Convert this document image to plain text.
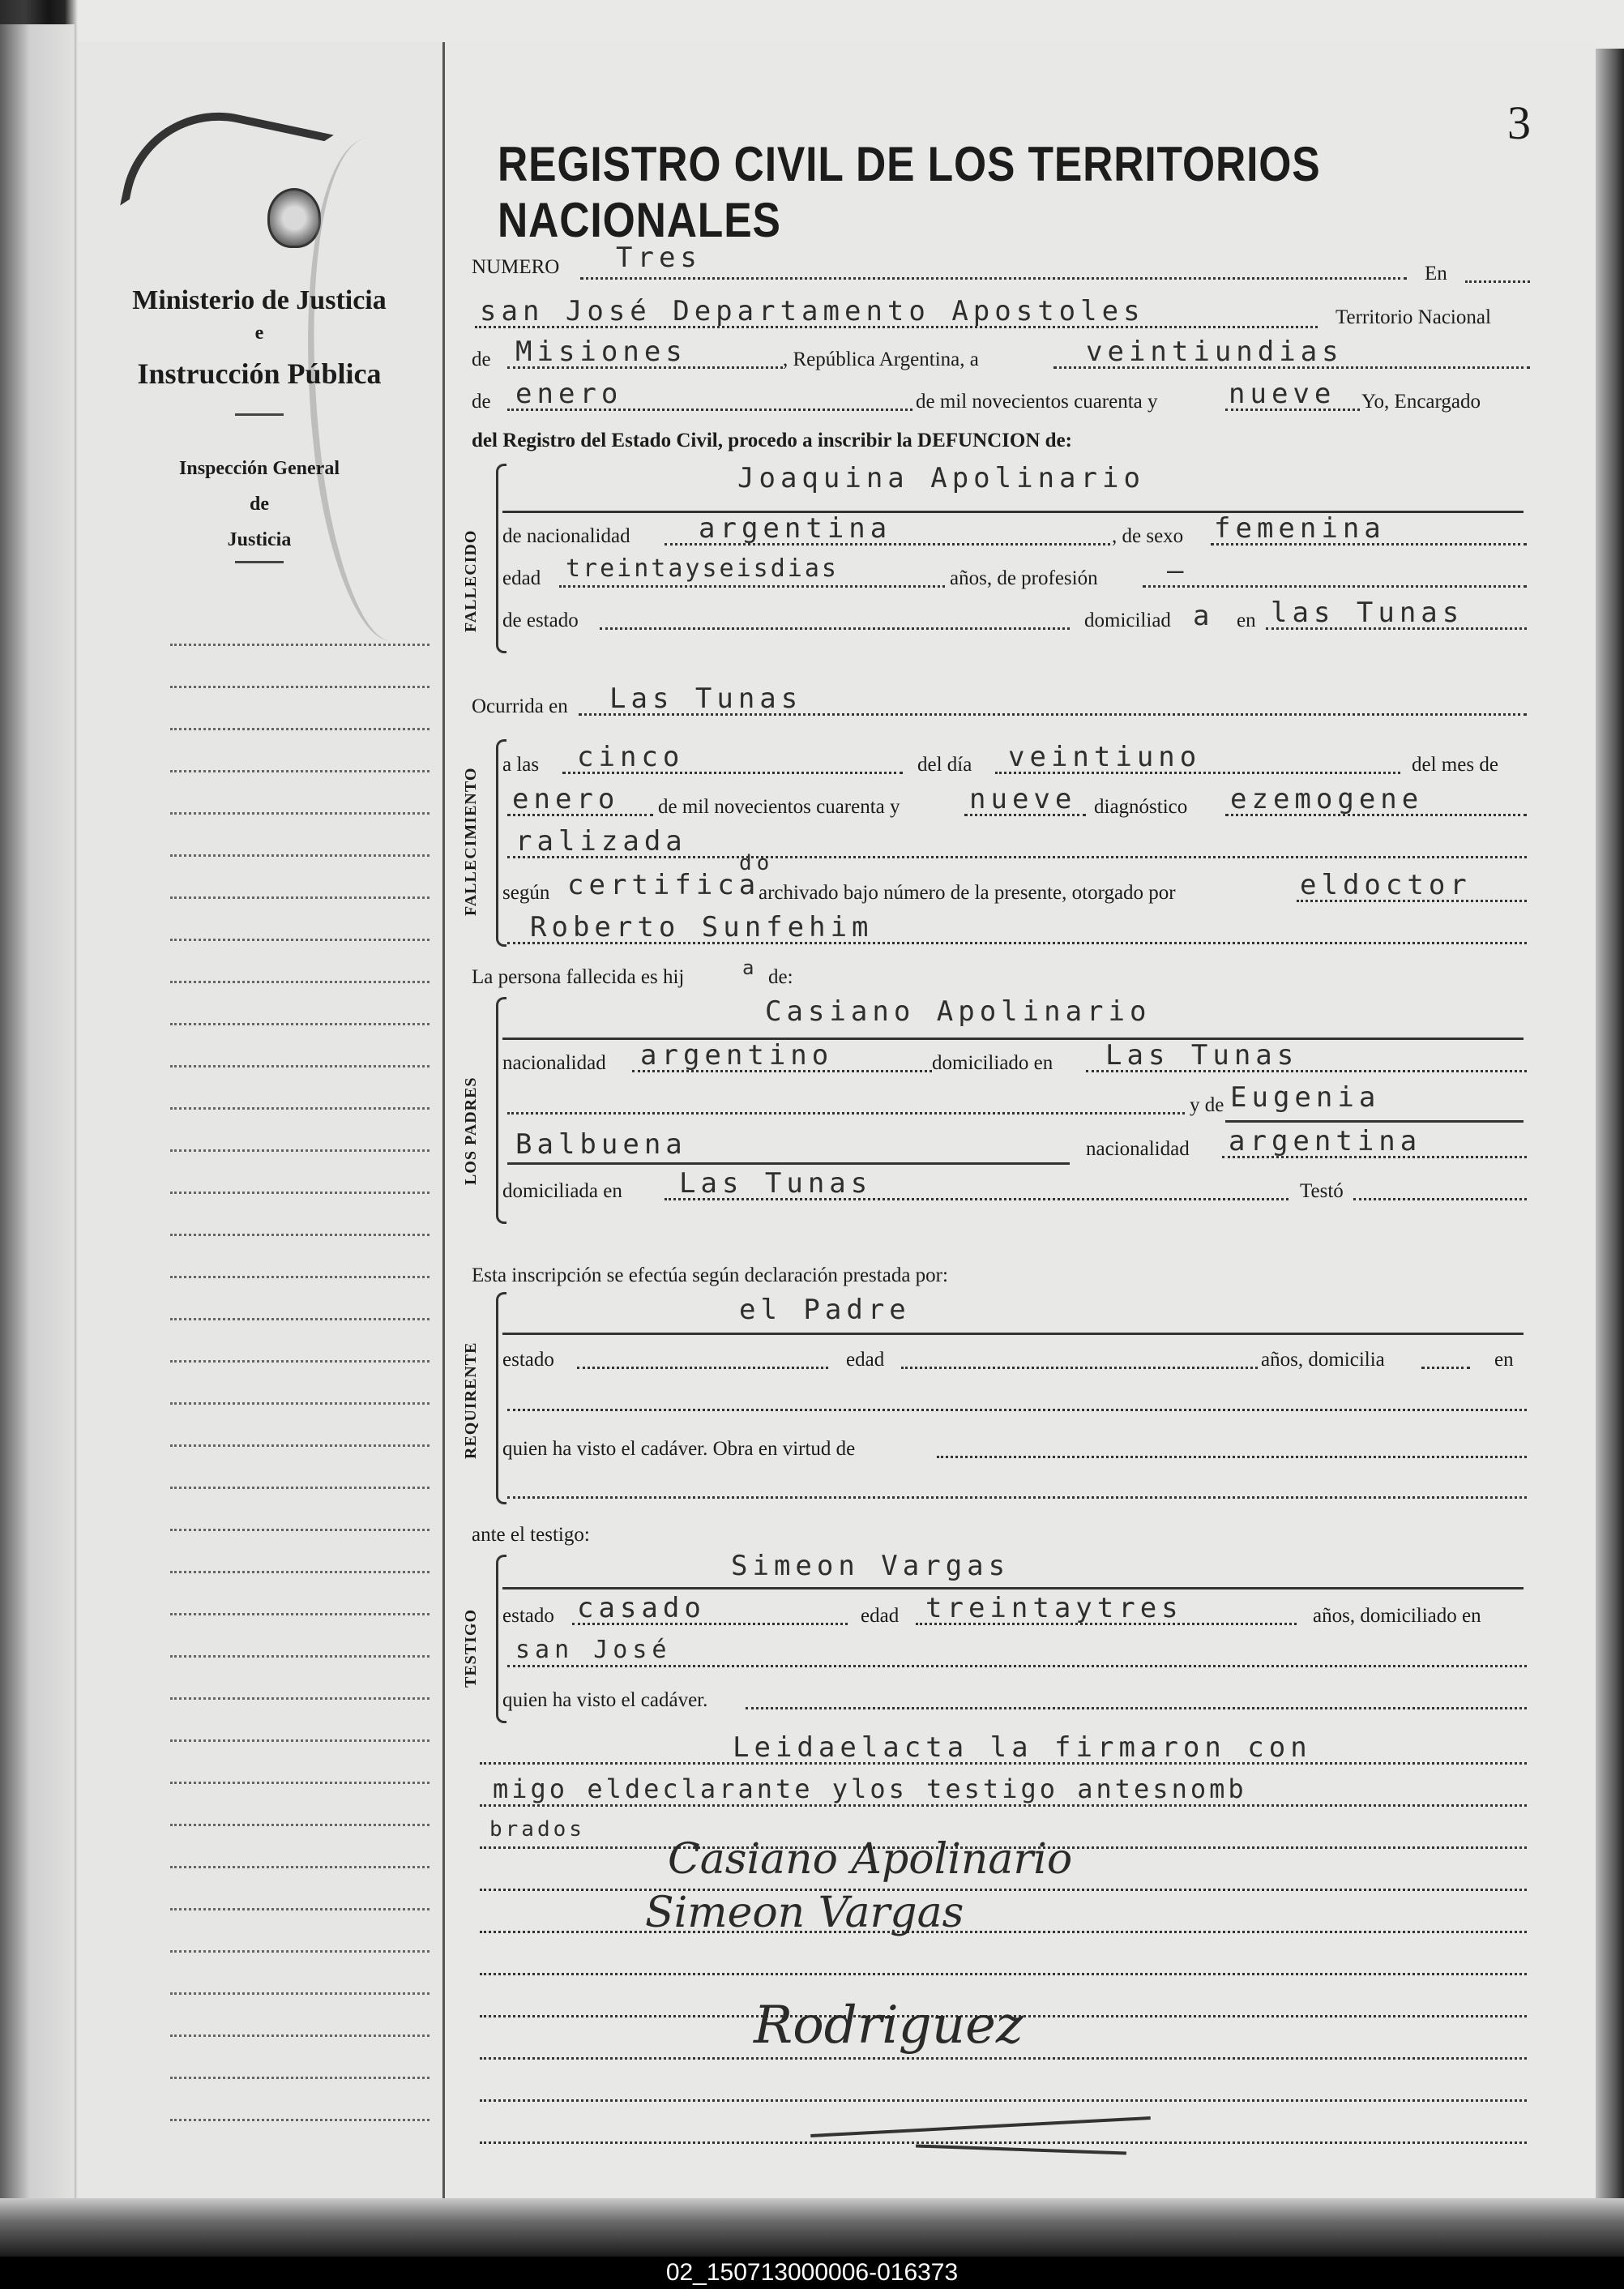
Ministerio de Justicia
e
Instrucción Pública
Inspección General
de
Justicia
REGISTRO CIVIL DE LOS TERRITORIOS NACIONALES
3
NUMERO Tres	En
san José Departamento Apostoles	Territorio Nacional
de Misiones	, República Argentina, a	veintiundias
de enero	de mil novecientos cuarenta y	nueve Yo, Encargado
del Registro del Estado Civil, procedo a inscribir la DEFUNCION de:
FALLECIDO
Joaquina Apolinario
de nacionalidad argentina	, de sexo femenina
edad treintayseisdias	años, de profesión	—
de estado	domiciliad a en las Tunas
Ocurrida en Las Tunas
FALLECIMIENTO
a las cinco	del día veintiuno	del mes de
enero de mil novecientos cuarenta y	nueve diagnóstico ezemogene
ralizada
según certifica
do
archivado bajo número de la presente, otorgado por	eldoctor
Roberto Sunfehim
La persona fallecida es hij	a de:
LOS PADRES
Casiano Apolinario
nacionalidad argentino	domiciliado en Las Tunas
y de Eugenia
Balbuena	nacionalidad argentina
domiciliada en Las Tunas	Testó
Esta inscripción se efectúa según declaración prestada por:
REQUIRENTE
el Padre
estado	edad	años, domicilia	en
quien ha visto el cadáver. Obra en virtud de
ante el testigo:
TESTIGO
Simeon Vargas
estado casado	edad treintaytres	años, domiciliado en
san José
quien ha visto el cadáver.
Leidaelacta la firmaron con
migo eldeclarante ylos testigo antesnomb
brados
Casiano Apolinario
Simeon Vargas
Rodriguez
02_150713000006-016373
